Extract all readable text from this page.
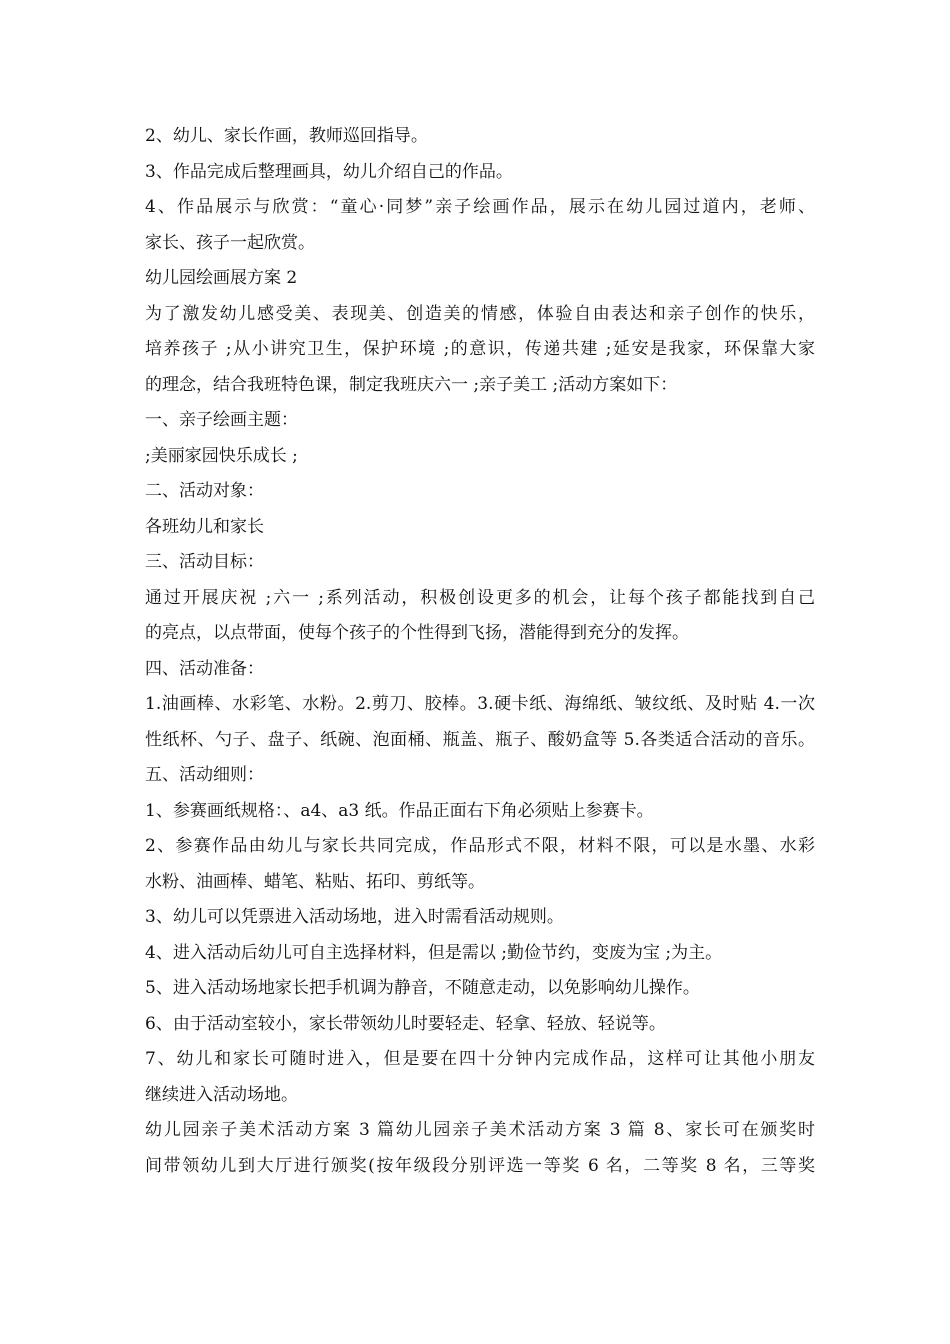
2、幼儿、家长作画，教师巡回指导。
3、作品完成后整理画具，幼儿介绍自己的作品。
4、作品展示与欣赏：“童心·同梦”亲子绘画作品，展示在幼儿园过道内，老师、
家长、孩子一起欣赏。
幼儿园绘画展方案 2
为了激发幼儿感受美、表现美、创造美的情感，体验自由表达和亲子创作的快乐，
培养孩子 ;从小讲究卫生，保护环境 ;的意识，传递共建 ;延安是我家，环保靠大家
的理念，结合我班特色课，制定我班庆六一 ;亲子美工 ;活动方案如下：
一、亲子绘画主题：
;美丽家园快乐成长 ;
二、活动对象：
各班幼儿和家长
三、活动目标：
通过开展庆祝 ;六一 ;系列活动，积极创设更多的机会，让每个孩子都能找到自己
的亮点，以点带面，使每个孩子的个性得到飞扬，潜能得到充分的发挥。
四、活动准备：
1.油画棒、水彩笔、水粉。2.剪刀、胶棒。3.硬卡纸、海绵纸、皱纹纸、及时贴 4.一次
性纸杯、勺子、盘子、纸碗、泡面桶、瓶盖、瓶子、酸奶盒等 5.各类适合活动的音乐。
五、活动细则：
1、参赛画纸规格：、a4、a3 纸。作品正面右下角必须贴上参赛卡。
2、参赛作品由幼儿与家长共同完成，作品形式不限，材料不限，可以是水墨、水彩
水粉、油画棒、蜡笔、粘贴、拓印、剪纸等。
3、幼儿可以凭票进入活动场地，进入时需看活动规则。
4、进入活动后幼儿可自主选择材料，但是需以 ;勤俭节约，变废为宝 ;为主。
5、进入活动场地家长把手机调为静音，不随意走动，以免影响幼儿操作。
6、由于活动室较小，家长带领幼儿时要轻走、轻拿、轻放、轻说等。
7、幼儿和家长可随时进入，但是要在四十分钟内完成作品，这样可让其他小朋友
继续进入活动场地。
幼儿园亲子美术活动方案 3 篇幼儿园亲子美术活动方案 3 篇 8、家长可在颁奖时
间带领幼儿到大厅进行颁奖(按年级段分别评选一等奖 6 名，二等奖 8 名，三等奖
